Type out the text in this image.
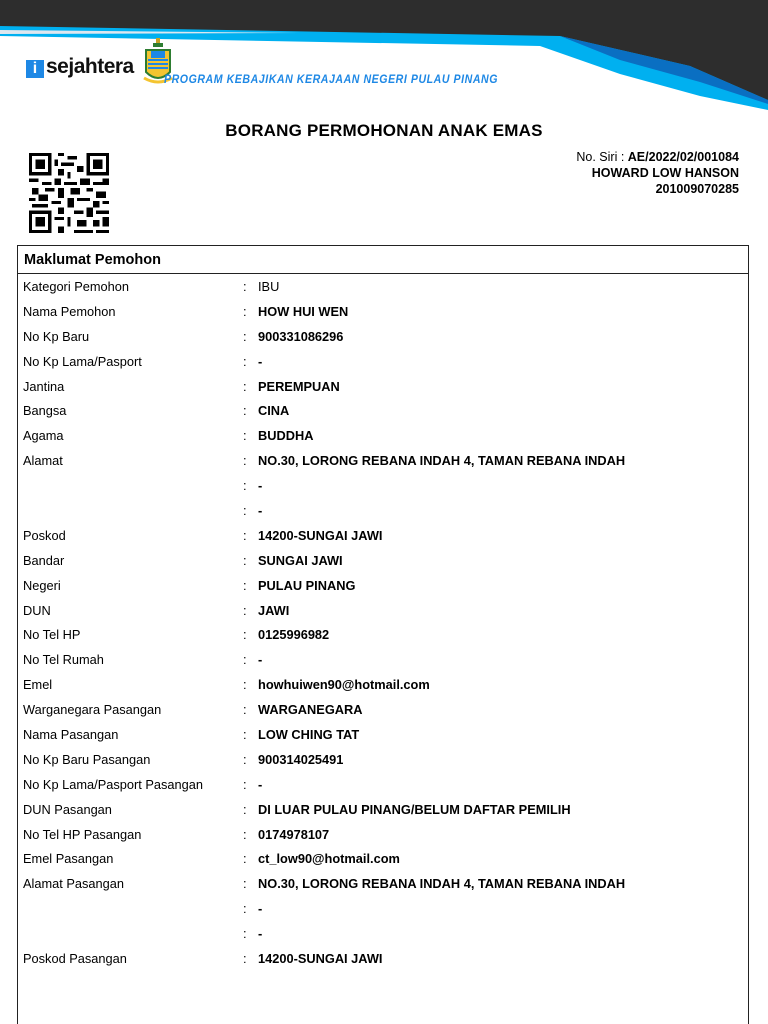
i sejahtera
PROGRAM KEBAJIKAN KERAJAAN NEGERI PULAU PINANG
BORANG PERMOHONAN ANAK EMAS
No. Siri : AE/2022/02/001084
HOWARD LOW HANSON
201009070285
Maklumat Pemohon
Kategori Pemohon	: IBU
Nama Pemohon	: HOW HUI WEN
No Kp Baru	: 900331086296
No Kp Lama/Pasport	: -
Jantina	: PEREMPUAN
Bangsa	: CINA
Agama	: BUDDHA
Alamat	: NO.30, LORONG REBANA INDAH 4, TAMAN REBANA INDAH
: -
: -
Poskod	: 14200-SUNGAI JAWI
Bandar	: SUNGAI JAWI
Negeri	: PULAU PINANG
DUN	: JAWI
No Tel HP	: 0125996982
No Tel Rumah	: -
Emel	: howhuiwen90@hotmail.com
Warganegara Pasangan	: WARGANEGARA
Nama Pasangan	: LOW CHING TAT
No Kp Baru Pasangan	: 900314025491
No Kp Lama/Pasport Pasangan	: -
DUN Pasangan	: DI LUAR PULAU PINANG/BELUM DAFTAR PEMILIH
No Tel HP Pasangan	: 0174978107
Emel Pasangan	: ct_low90@hotmail.com
Alamat Pasangan	: NO.30, LORONG REBANA INDAH 4, TAMAN REBANA INDAH
: -
: -
Poskod Pasangan	: 14200-SUNGAI JAWI
